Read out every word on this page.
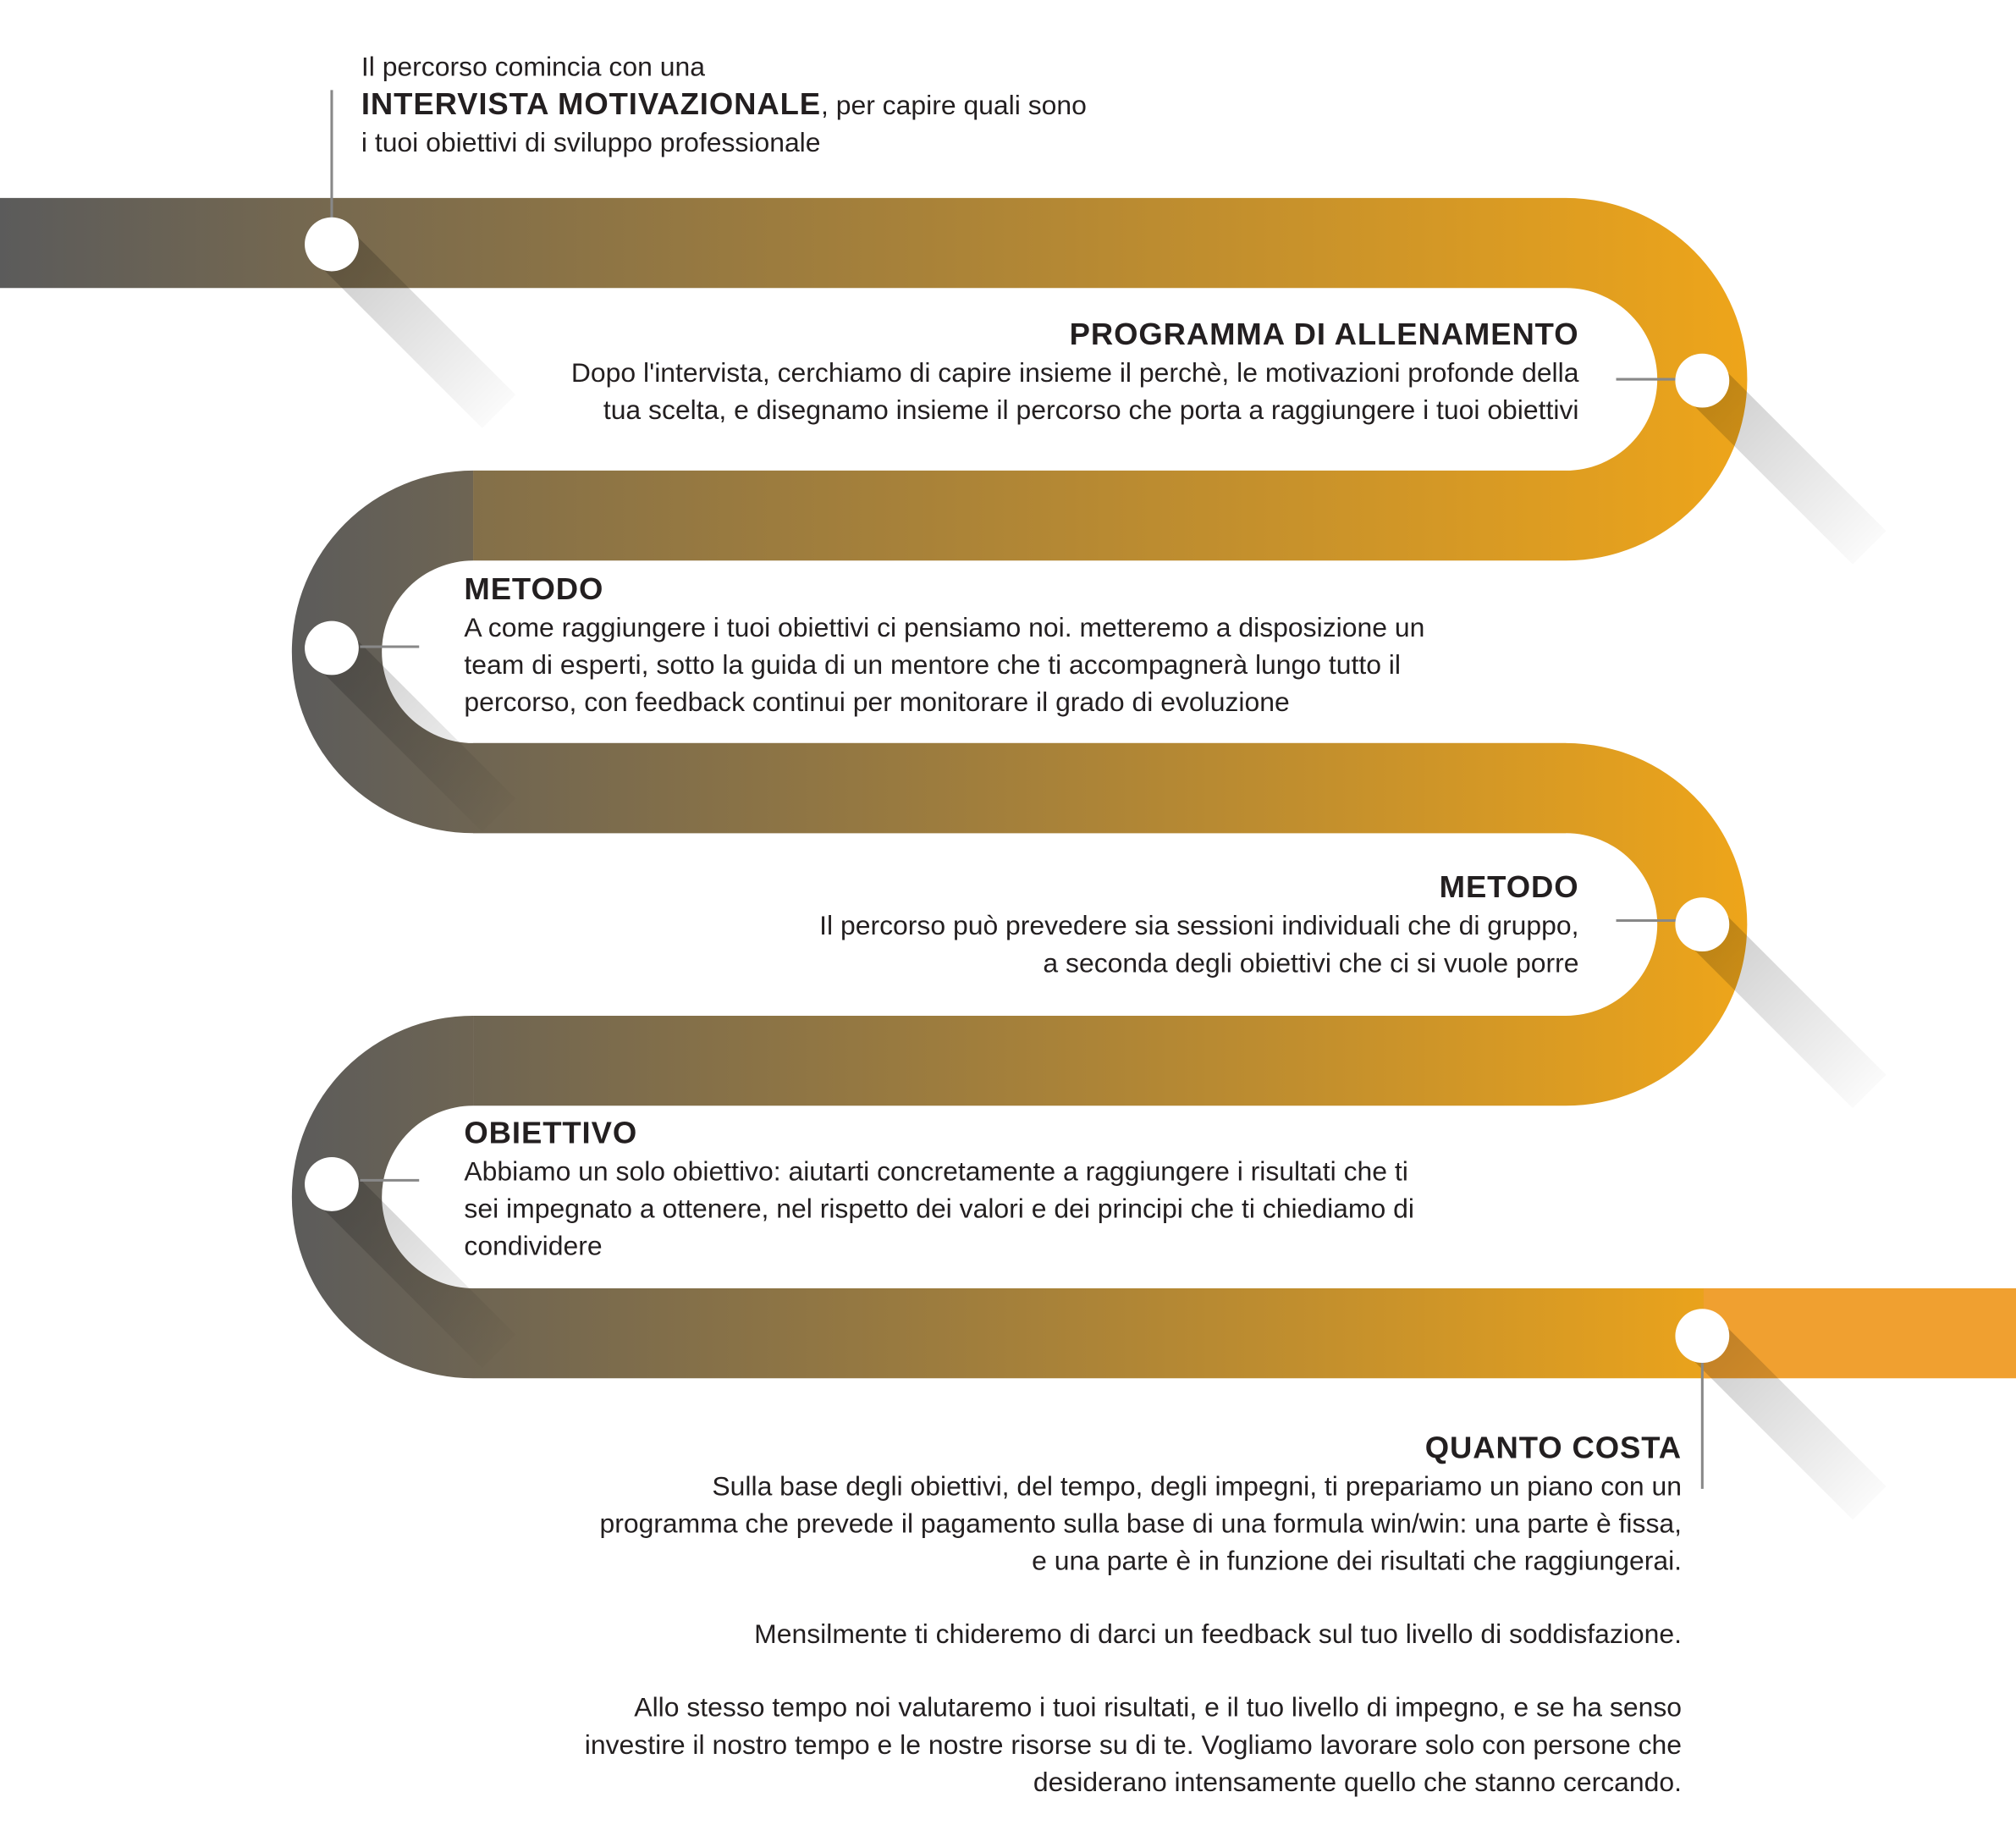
Il percorso comincia con una
INTERVISTA MOTIVAZIONALE, per capire quali sono
i tuoi obiettivi di sviluppo professionale
PROGRAMMA DI ALLENAMENTO
Dopo l'intervista, cerchiamo di capire insieme il perchè, le motivazioni profonde della
tua scelta, e disegnamo insieme il percorso che porta a raggiungere i tuoi obiettivi
METODO
A come raggiungere i tuoi obiettivi ci pensiamo noi. metteremo a disposizione un
team di esperti, sotto la guida di un mentore che ti accompagnerà lungo tutto il
percorso, con feedback continui per monitorare il grado di evoluzione
METODO
Il percorso può prevedere sia sessioni individuali che di gruppo,
a seconda degli obiettivi che ci si vuole porre
OBIETTIVO
Abbiamo un solo obiettivo: aiutarti concretamente a raggiungere i risultati che ti
sei impegnato a ottenere, nel rispetto dei valori e dei principi che ti chiediamo di
condividere
QUANTO COSTA
Sulla base degli obiettivi, del tempo, degli impegni, ti prepariamo un piano con un
programma che prevede il pagamento sulla base di una formula win/win: una parte è fissa,
e una parte è in funzione dei risultati che raggiungerai.
Mensilmente ti chideremo di darci un feedback sul tuo livello di soddisfazione.
Allo stesso tempo noi valutaremo i tuoi risultati, e il tuo livello di impegno, e se ha senso
investire il nostro tempo e le nostre risorse su di te. Vogliamo lavorare solo con persone che
desiderano intensamente quello che stanno cercando.
